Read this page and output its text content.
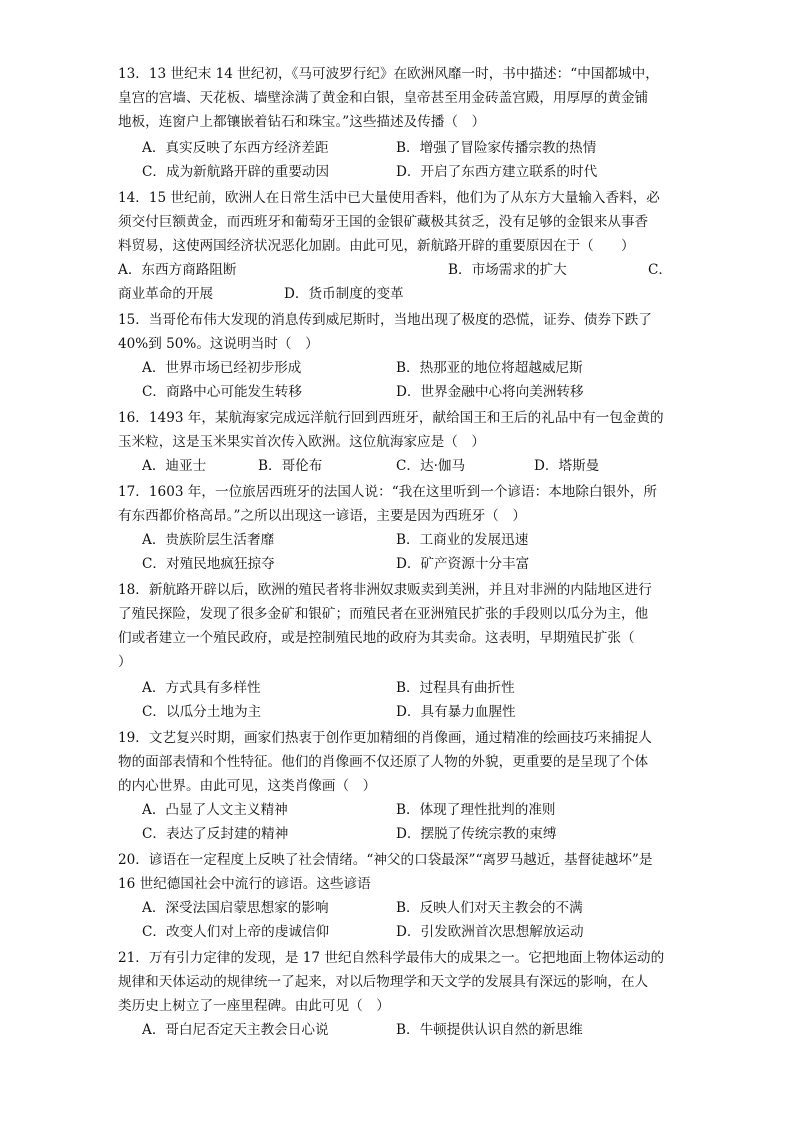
13．13 世纪末 14 世纪初，《马可波罗行纪》在欧洲风靡一时，书中描述：“中国都城中，

皇宫的宫墙、天花板、墙壁涂满了黄金和白银，皇帝甚至用金砖盖宫殿，用厚厚的黄金铺

地板，连窗户上都镶嵌着钻石和珠宝。”这些描述及传播（　）

A．真实反映了东西方经济差距	B．增强了冒险家传播宗教的热情

C．成为新航路开辟的重要动因	D．开启了东西方建立联系的时代

14．15 世纪前，欧洲人在日常生活中已大量使用香料，他们为了从东方大量输入香料，必

须交付巨额黄金，而西班牙和葡萄牙王国的金银矿藏极其贫乏，没有足够的金银来从事香

料贸易，这使两国经济状况恶化加剧。由此可见，新航路开辟的重要原因在于（　　）

A．东西方商路阻断	B．市场需求的扩大	C．

商业革命的开展	D．货币制度的变革

15．当哥伦布伟大发现的消息传到威尼斯时，当地出现了极度的恐慌，证券、债券下跌了

40%到 50%。这说明当时（　）

A．世界市场已经初步形成	B．热那亚的地位将超越威尼斯

C．商路中心可能发生转移	D．世界金融中心将向美洲转移

16．1493 年，某航海家完成远洋航行回到西班牙，献给国王和王后的礼品中有一包金黄的

玉米粒，这是玉米果实首次传入欧洲。这位航海家应是（　）

A．迪亚士	B．哥伦布	C．达·伽马	D．塔斯曼

17．1603 年，一位旅居西班牙的法国人说：“我在这里听到一个谚语：本地除白银外，所

有东西都价格高昂。”之所以出现这一谚语，主要是因为西班牙（　）

A．贵族阶层生活奢靡	B．工商业的发展迅速

C．对殖民地疯狂掠夺	D．矿产资源十分丰富

18．新航路开辟以后，欧洲的殖民者将非洲奴隶贩卖到美洲，并且对非洲的内陆地区进行

了殖民探险，发现了很多金矿和银矿；而殖民者在亚洲殖民扩张的手段则以瓜分为主，他

们或者建立一个殖民政府，或是控制殖民地的政府为其卖命。这表明，早期殖民扩张（

）

A．方式具有多样性	B．过程具有曲折性

C．以瓜分土地为主	D．具有暴力血腥性

19．文艺复兴时期，画家们热衷于创作更加精细的肖像画，通过精准的绘画技巧来捕捉人

物的面部表情和个性特征。他们的肖像画不仅还原了人物的外貌，更重要的是呈现了个体

的内心世界。由此可见，这类肖像画（　）

A．凸显了人文主义精神	B．体现了理性批判的准则

C．表达了反封建的精神	D．摆脱了传统宗教的束缚

20．谚语在一定程度上反映了社会情绪。“神父的口袋最深”“离罗马越近，基督徒越坏”是

16 世纪德国社会中流行的谚语。这些谚语

A．深受法国启蒙思想家的影响	B．反映人们对天主教会的不满

C．改变人们对上帝的虔诚信仰	D．引发欧洲首次思想解放运动

21．万有引力定律的发现，是 17 世纪自然科学最伟大的成果之一。它把地面上物体运动的

规律和天体运动的规律统一了起来，对以后物理学和天文学的发展具有深远的影响，在人

类历史上树立了一座里程碑。由此可见（　）

A．哥白尼否定天主教会日心说	B．牛顿提供认识自然的新思维
